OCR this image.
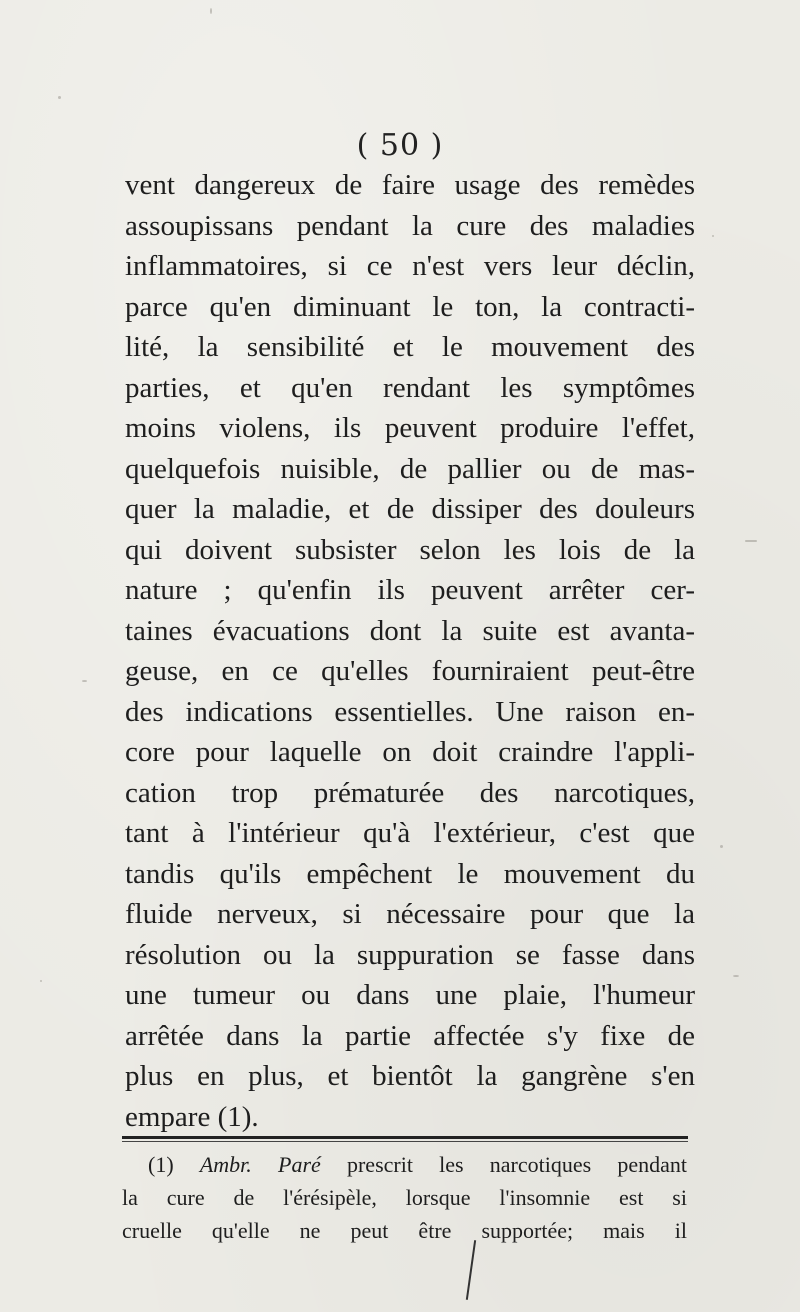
( 50 )
vent dangereux de faire usage des remèdes
assoupissans pendant la cure des maladies
inflammatoires, si ce n'est vers leur déclin,
parce qu'en diminuant le ton, la contracti-
lité, la sensibilité et le mouvement des
parties, et qu'en rendant les symptômes
moins violens, ils peuvent produire l'effet,
quelquefois nuisible, de pallier ou de mas-
quer la maladie, et de dissiper des douleurs
qui doivent subsister selon les lois de la
nature ; qu'enfin ils peuvent arrêter cer-
taines évacuations dont la suite est avanta-
geuse, en ce qu'elles fourniraient peut-être
des indications essentielles. Une raison en-
core pour laquelle on doit craindre l'appli-
cation trop prématurée des narcotiques,
tant à l'intérieur qu'à l'extérieur, c'est que
tandis qu'ils empêchent le mouvement du
fluide nerveux, si nécessaire pour que la
résolution ou la suppuration se fasse dans
une tumeur ou dans une plaie, l'humeur
arrêtée dans la partie affectée s'y fixe de
plus en plus, et bientôt la gangrène s'en
empare (1).
(1) Ambr. Paré prescrit les narcotiques pendant
la cure de l'érésipèle, lorsque l'insomnie est si
cruelle qu'elle ne peut être supportée; mais il
